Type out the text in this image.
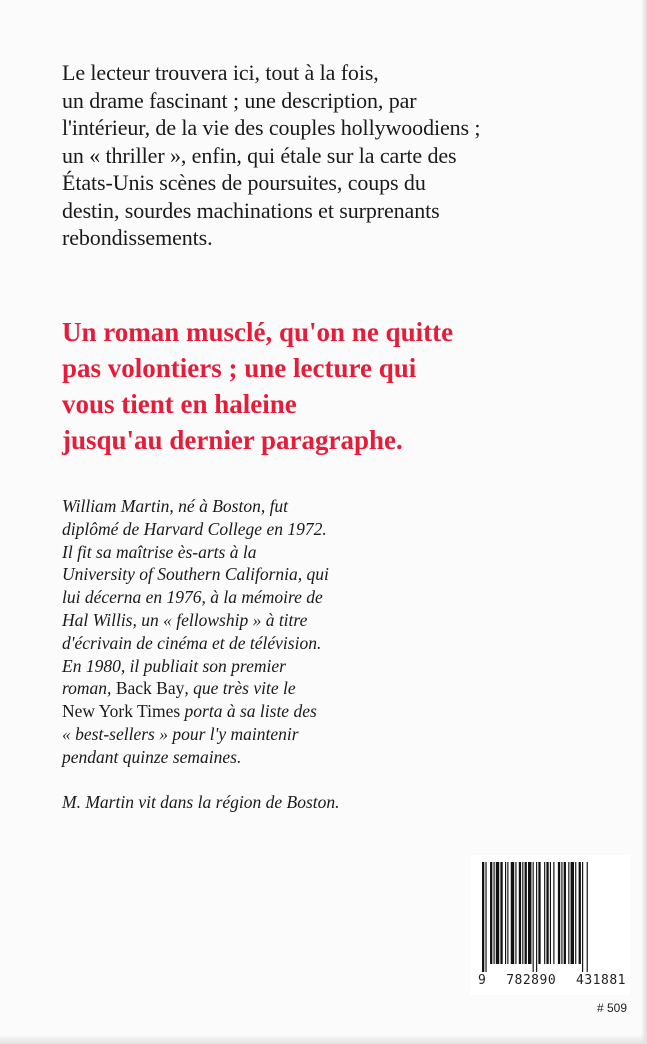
Le lecteur trouvera ici, tout à la fois,
un drame fascinant ; une description, par
l'intérieur, de la vie des couples hollywoodiens ;
un « thriller », enfin, qui étale sur la carte des
États-Unis scènes de poursuites, coups du
destin, sourdes machinations et surprenants
rebondissements.

Un roman musclé, qu'on ne quitte
pas volontiers ; une lecture qui
vous tient en haleine
jusqu'au dernier paragraphe.

William Martin, né à Boston, fut
diplômé de Harvard College en 1972.
Il fit sa maîtrise ès-arts à la
University of Southern California, qui
lui décerna en 1976, à la mémoire de
Hal Willis, un « fellowship » à titre
d'écrivain de cinéma et de télévision.
En 1980, il publiait son premier
roman, Back Bay, que très vite le
New York Times porta à sa liste des
« best-sellers » pour l'y maintenir
pendant quinze semaines.

M. Martin vit dans la région de Boston.

9 782890 431881
# 509
